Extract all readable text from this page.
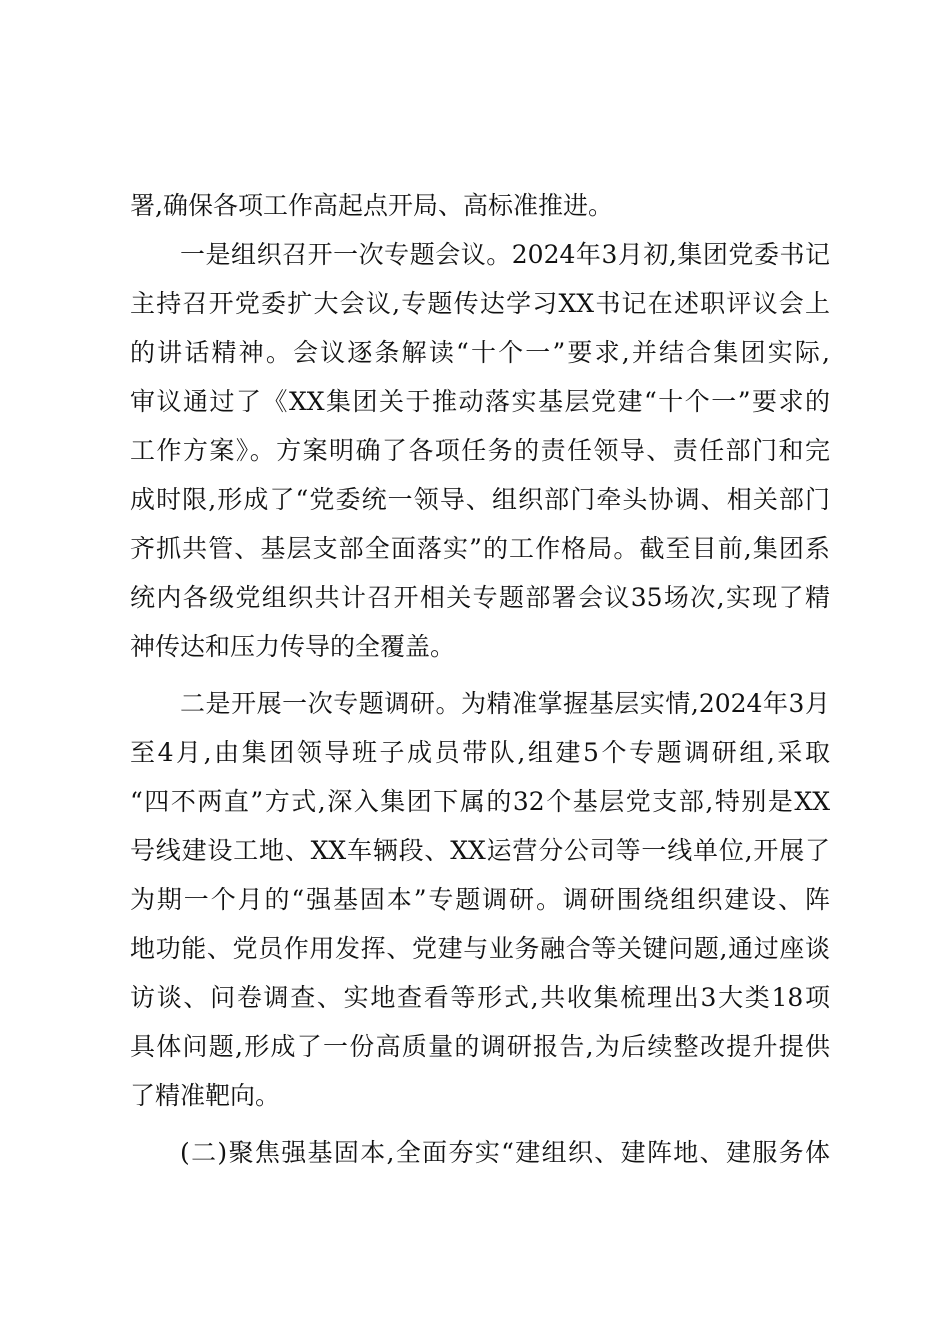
署,确保各项工作高起点开局、高标准推进。
一是组织召开一次专题会议。2024年3月初,集团党委书记
主持召开党委扩大会议,专题传达学习XX书记在述职评议会上
的讲话精神。会议逐条解读“十个一”要求,并结合集团实际,
审议通过了《XX集团关于推动落实基层党建“十个一”要求的
工作方案》。方案明确了各项任务的责任领导、责任部门和完
成时限,形成了“党委统一领导、组织部门牵头协调、相关部门
齐抓共管、基层支部全面落实”的工作格局。截至目前,集团系
统内各级党组织共计召开相关专题部署会议35场次,实现了精
神传达和压力传导的全覆盖。
二是开展一次专题调研。为精准掌握基层实情,2024年3月
至4月,由集团领导班子成员带队,组建5个专题调研组,采取
“四不两直”方式,深入集团下属的32个基层党支部,特别是XX
号线建设工地、XX车辆段、XX运营分公司等一线单位,开展了
为期一个月的“强基固本”专题调研。调研围绕组织建设、阵
地功能、党员作用发挥、党建与业务融合等关键问题,通过座谈
访谈、问卷调查、实地查看等形式,共收集梳理出3大类18项
具体问题,形成了一份高质量的调研报告,为后续整改提升提供
了精准靶向。
(二)聚焦强基固本,全面夯实“建组织、建阵地、建服务体
